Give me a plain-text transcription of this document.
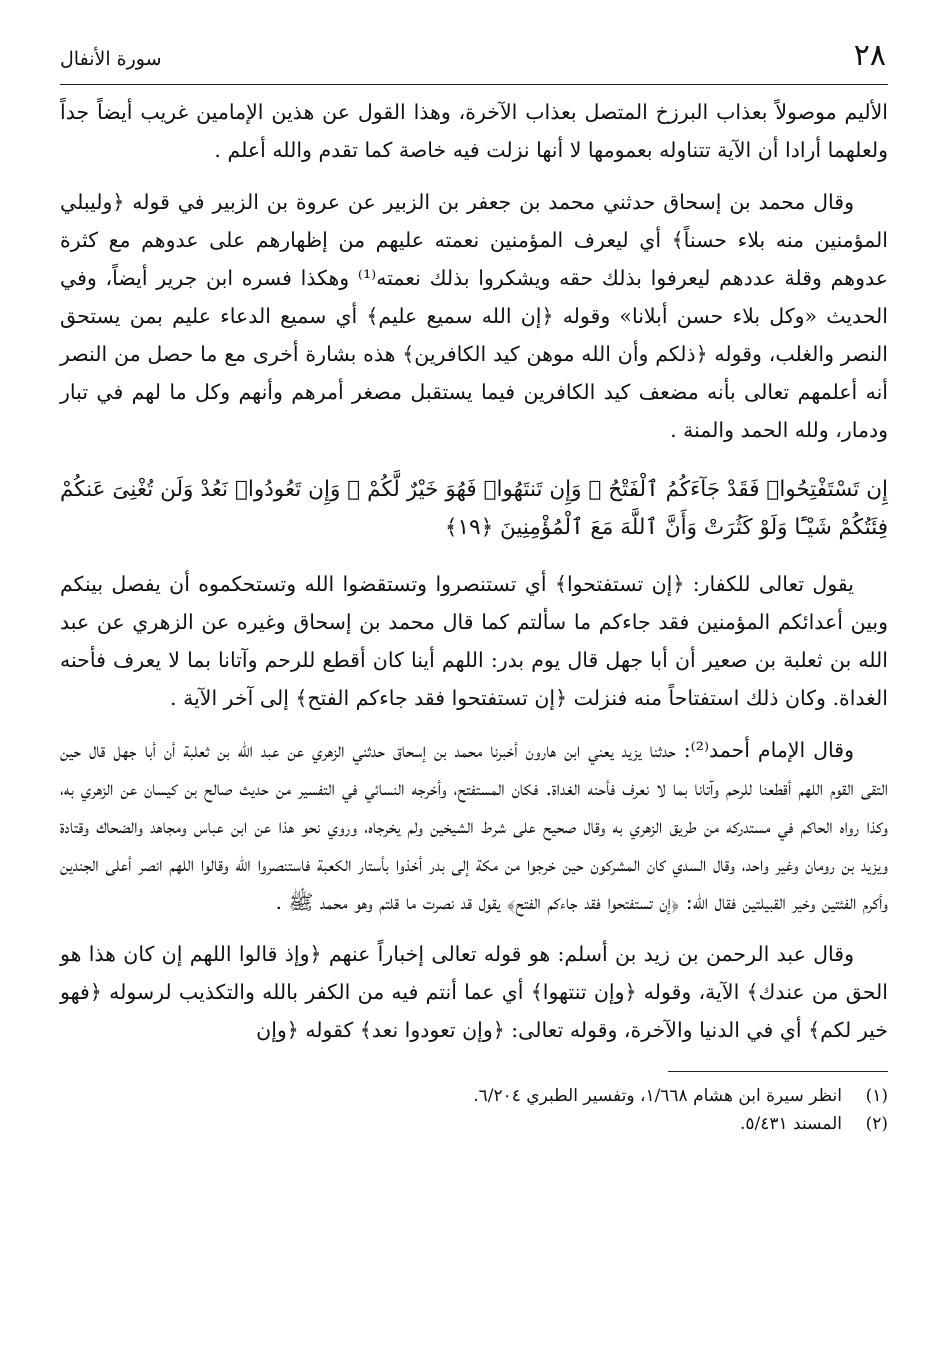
٢٨
سورة الأنفال

الأليم موصولاً بعذاب البرزخ المتصل بعذاب الآخرة، وهذا القول عن هذين الإمامين غريب أيضاً جداً ولعلهما أرادا أن الآية تتناوله بعمومها لا أنها نزلت فيه خاصة كما تقدم والله أعلم .

وقال محمد بن إسحاق حدثني محمد بن جعفر بن الزبير عن عروة بن الزبير في قوله ﴿وليبلي المؤمنين منه بلاء حسناً﴾ أي ليعرف المؤمنين نعمته عليهم من إظهارهم على عدوهم مع كثرة عدوهم وقلة عددهم ليعرفوا بذلك حقه ويشكروا بذلك نعمته⁽¹⁾ وهكذا فسره ابن جرير أيضاً، وفي الحديث «وكل بلاء حسن أبلانا» وقوله ﴿إن الله سميع عليم﴾ أي سميع الدعاء عليم بمن يستحق النصر والغلب، وقوله ﴿ذلكم وأن الله موهن كيد الكافرين﴾ هذه بشارة أخرى مع ما حصل من النصر أنه أعلمهم تعالى بأنه مضعف كيد الكافرين فيما يستقبل مصغر أمرهم وأنهم وكل ما لهم في تبار ودمار، ولله الحمد والمنة .

إِن تَسْتَفْتِحُوا۟ فَقَدْ جَآءَكُمُ ٱلْفَتْحُ ۖ وَإِن تَنتَهُوا۟ فَهُوَ خَيْرٌ لَّكُمْ ۖ وَإِن تَعُودُوا۟ نَعُدْ وَلَن تُغْنِىَ عَنكُمْ فِئَتُكُمْ شَيْـًٔا وَلَوْ كَثُرَتْ وَأَنَّ ٱللَّهَ مَعَ ٱلْمُؤْمِنِينَ ﴿١٩﴾

يقول تعالى للكفار: ﴿إن تستفتحوا﴾ أي تستنصروا وتستقضوا الله وتستحكموه أن يفصل بينكم وبين أعدائكم المؤمنين فقد جاءكم ما سألتم كما قال محمد بن إسحاق وغيره عن الزهري عن عبد الله بن ثعلبة بن صعير أن أبا جهل قال يوم بدر: اللهم أينا كان أقطع للرحم وآتانا بما لا يعرف فأحنه الغداة. وكان ذلك استفتاحاً منه فنزلت ﴿إن تستفتحوا فقد جاءكم الفتح﴾ إلى آخر الآية .

وقال الإمام أحمد⁽²⁾: حدثنا يزيد يعني ابن هارون أخبرنا محمد بن إسحاق حدثني الزهري عن عبد الله بن ثعلبة أن أبا جهل قال حين التقى القوم اللهم أقطعنا للرحم وآتانا بما لا نعرف فأحنه الغداة. فكان المستفتح، وأخرجه النسائي في التفسير من حديث صالح بن كيسان عن الزهري به، وكذا رواه الحاكم في مستدركه من طريق الزهري به وقال صحيح على شرط الشيخين ولم يخرجاه، وروي نحو هذا عن ابن عباس ومجاهد والضحاك وقتادة ويزيد بن رومان وغير واحد، وقال السدي كان المشركون حين خرجوا من مكة إلى بدر أخذوا بأستار الكعبة فاستنصروا الله وقالوا اللهم انصر أعلى الجندين وأكرم الفئتين وخير القبيلتين فقال الله: ﴿إن تستفتحوا فقد جاءكم الفتح﴾ يقول قد نصرت ما قلتم وهو محمد ﷺ .

وقال عبد الرحمن بن زيد بن أسلم: هو قوله تعالى إخباراً عنهم ﴿وإذ قالوا اللهم إن كان هذا هو الحق من عندك﴾ الآية، وقوله ﴿وإن تنتهوا﴾ أي عما أنتم فيه من الكفر بالله والتكذيب لرسوله ﴿فهو خير لكم﴾ أي في الدنيا والآخرة، وقوله تعالى: ﴿وإن تعودوا نعد﴾ كقوله ﴿وإن

(١)
انظر سيرة ابن هشام ١/٦٦٨، وتفسير الطبري ٦/٢٠٤.
(٢)
المسند ٥/٤٣١.
